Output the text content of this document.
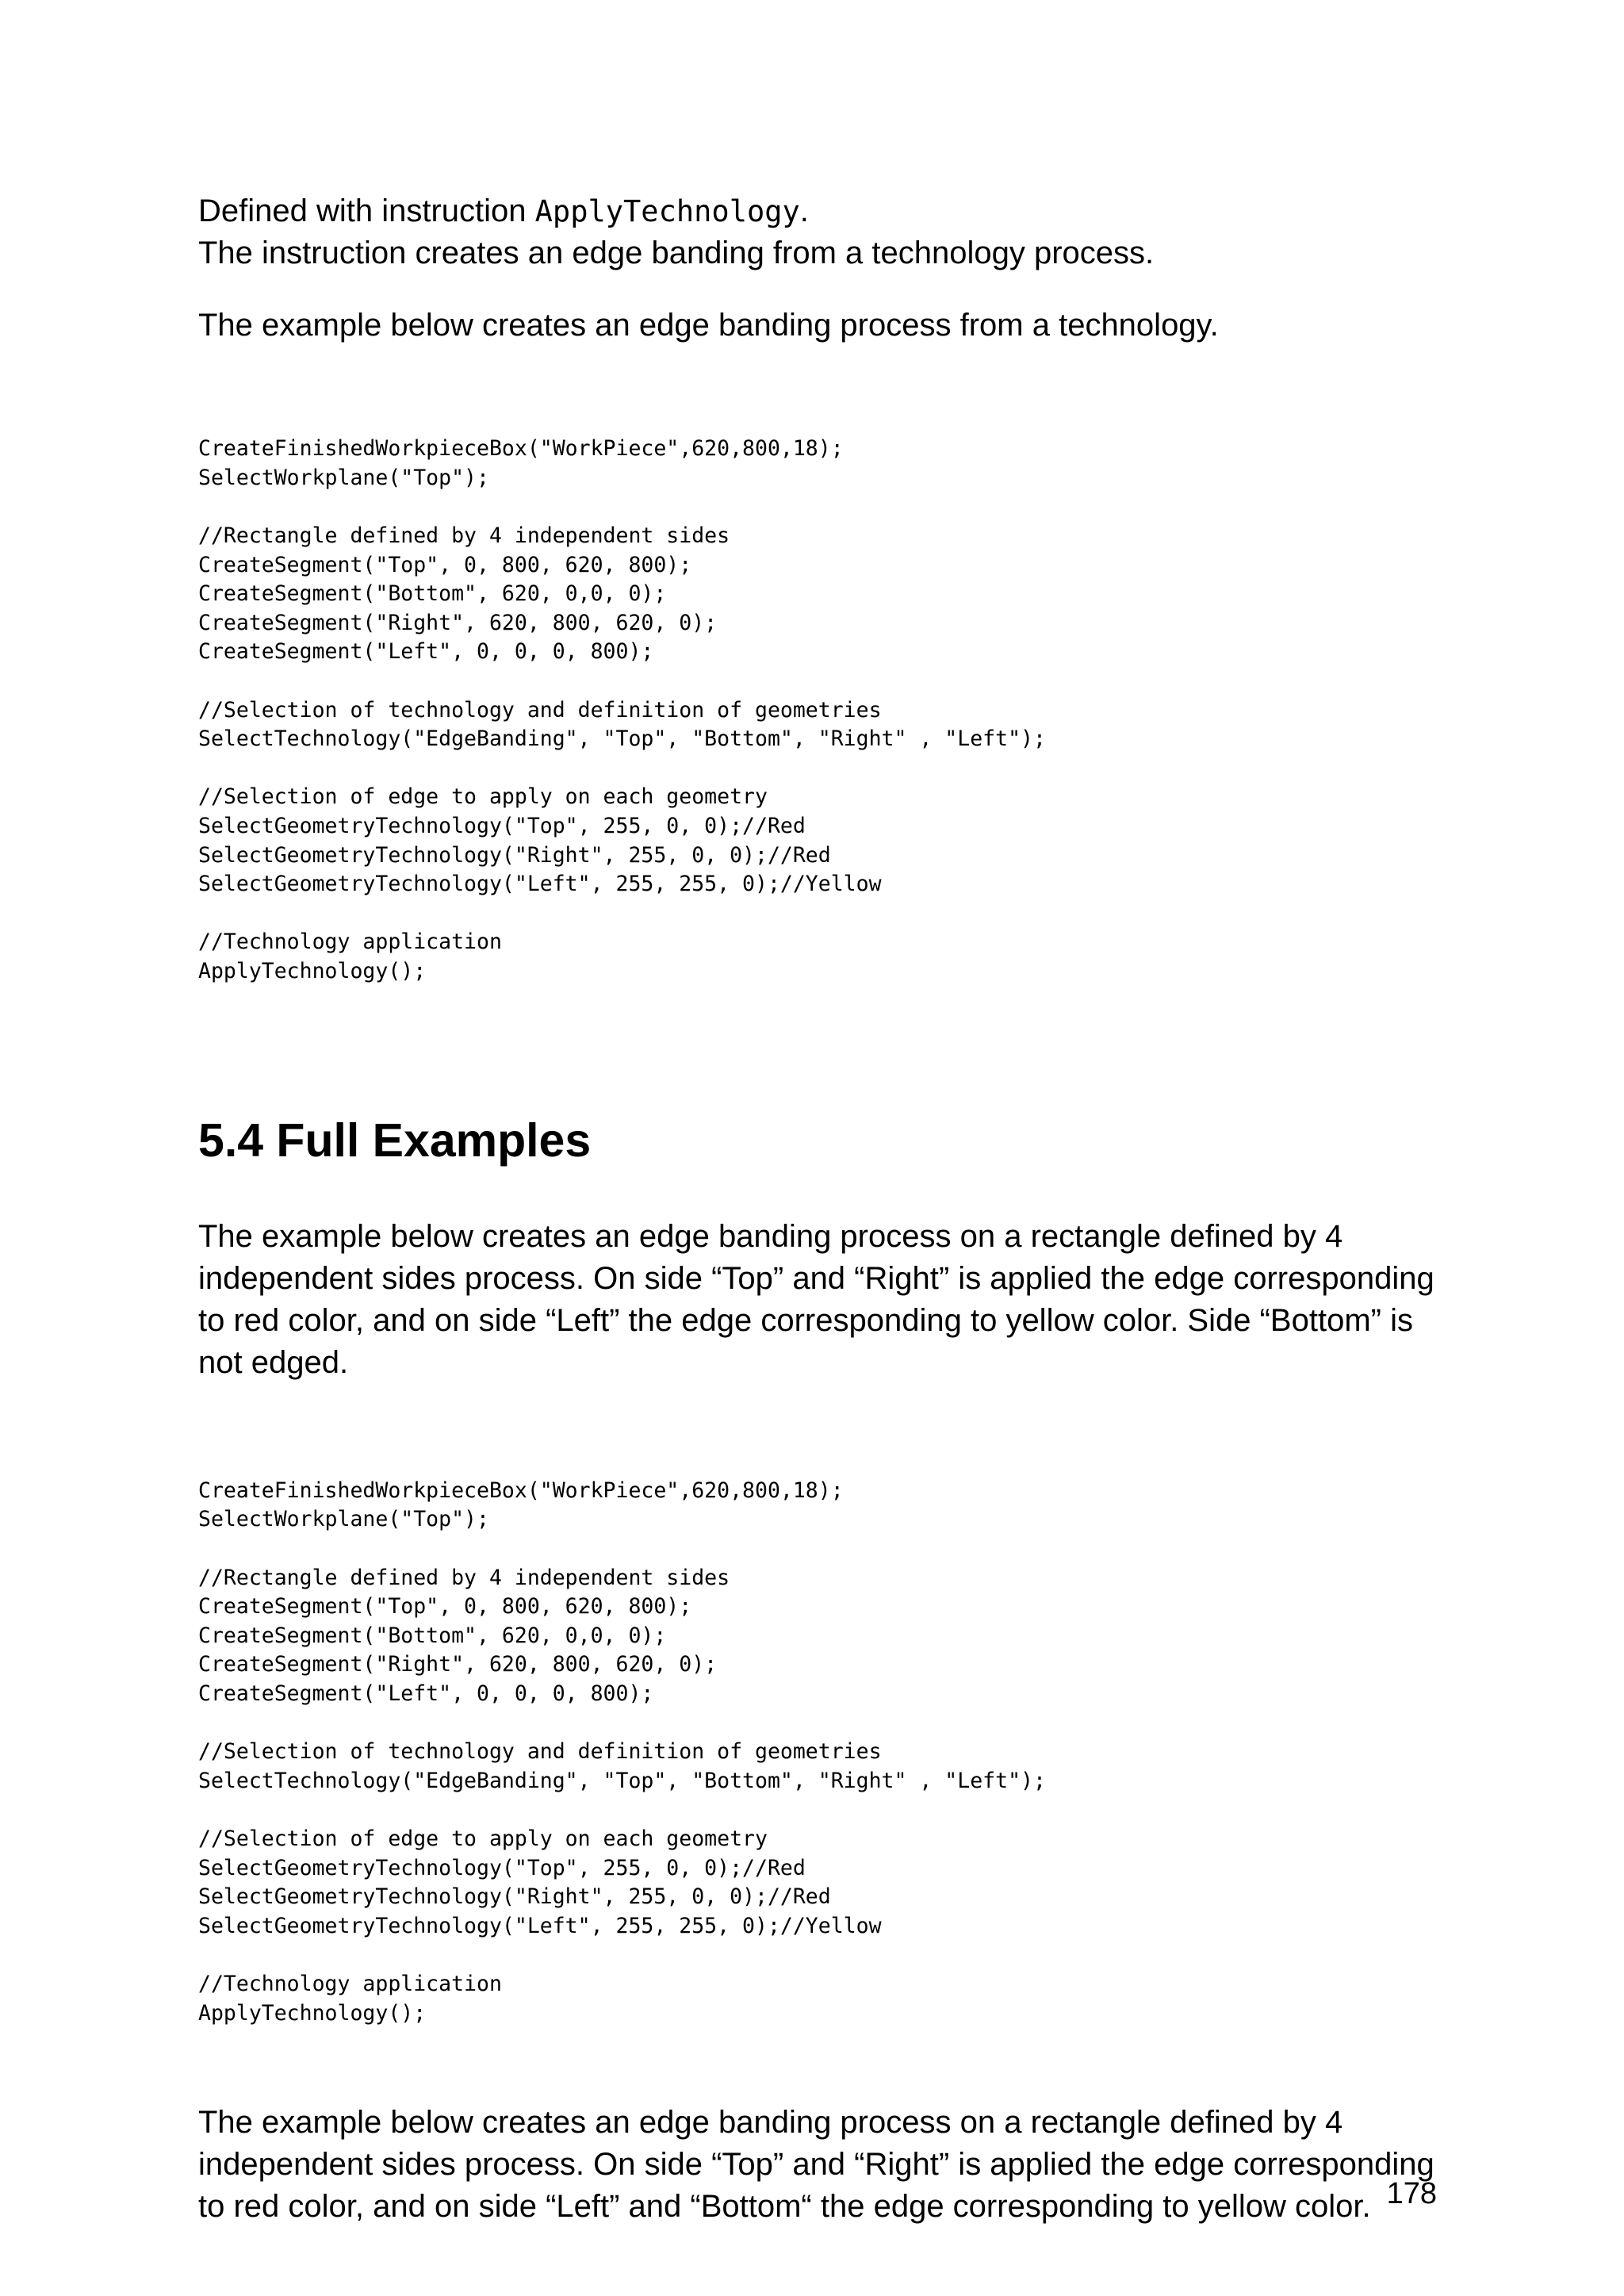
Defined with instruction ApplyTechnology.

The instruction creates an edge banding from a technology process.

The example below creates an edge banding process from a technology.

CreateFinishedWorkpieceBox("WorkPiece",620,800,18);
SelectWorkplane("Top");
//Rectangle defined by 4 independent sides
CreateSegment("Top", 0, 800, 620, 800);
CreateSegment("Bottom", 620, 0,0, 0);
CreateSegment("Right", 620, 800, 620, 0);
CreateSegment("Left", 0, 0, 0, 800);
//Selection of technology and definition of geometries
SelectTechnology("EdgeBanding", "Top", "Bottom", "Right" , "Left");
//Selection of edge to apply on each geometry
SelectGeometryTechnology("Top", 255, 0, 0);//Red
SelectGeometryTechnology("Right", 255, 0, 0);//Red
SelectGeometryTechnology("Left", 255, 255, 0);//Yellow
//Technology application
ApplyTechnology();

5.4 Full Examples

The example below creates an edge banding process on a rectangle defined by 4 independent sides process. On side “Top” and “Right” is applied the edge corresponding to red color, and on side “Left” the edge corresponding to yellow color. Side “Bottom” is not edged.

CreateFinishedWorkpieceBox("WorkPiece",620,800,18);
SelectWorkplane("Top");
//Rectangle defined by 4 independent sides
CreateSegment("Top", 0, 800, 620, 800);
CreateSegment("Bottom", 620, 0,0, 0);
CreateSegment("Right", 620, 800, 620, 0);
CreateSegment("Left", 0, 0, 0, 800);
//Selection of technology and definition of geometries
SelectTechnology("EdgeBanding", "Top", "Bottom", "Right" , "Left");
//Selection of edge to apply on each geometry
SelectGeometryTechnology("Top", 255, 0, 0);//Red
SelectGeometryTechnology("Right", 255, 0, 0);//Red
SelectGeometryTechnology("Left", 255, 255, 0);//Yellow
//Technology application
ApplyTechnology();

The example below creates an edge banding process on a rectangle defined by 4 independent sides process. On side “Top” and “Right” is applied the edge corresponding to red color, and on side “Left” and “Bottom“ the edge corresponding to yellow color. 178
